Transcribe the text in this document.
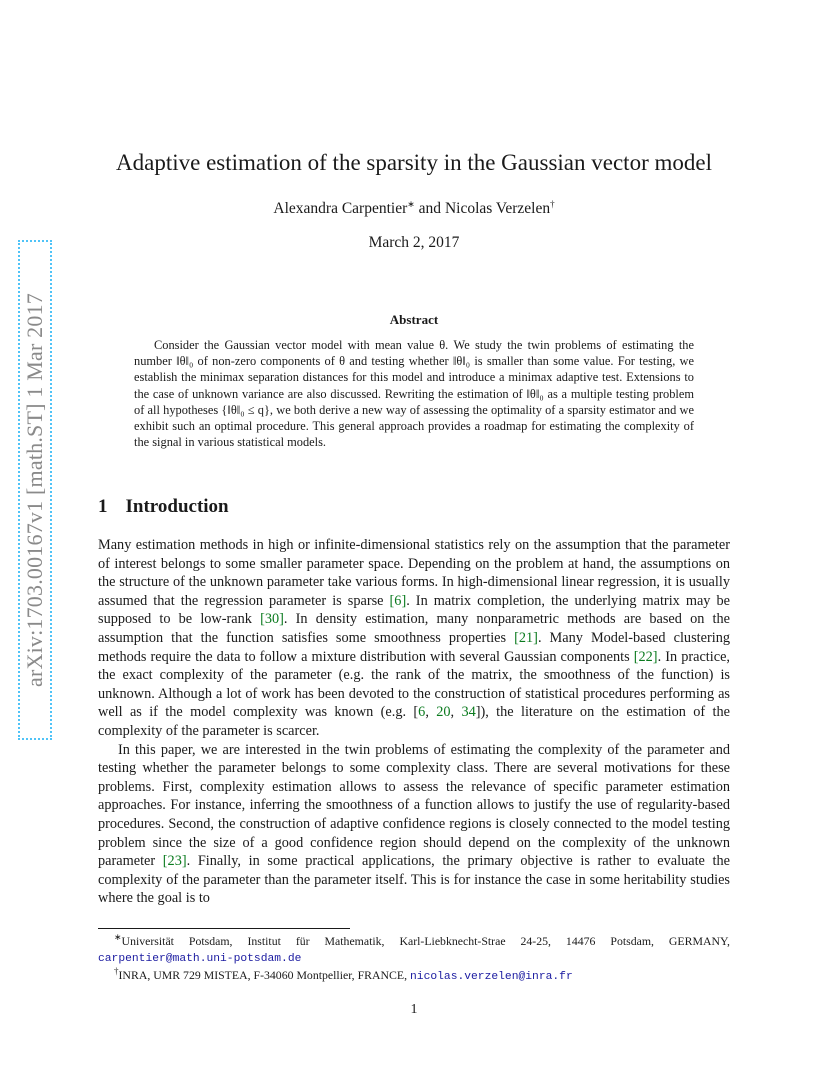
arXiv:1703.00167v1 [math.ST] 1 Mar 2017
Adaptive estimation of the sparsity in the Gaussian vector model
Alexandra Carpentier∗ and Nicolas Verzelen†
March 2, 2017
Abstract
Consider the Gaussian vector model with mean value θ. We study the twin problems of estimating the number ‖θ‖₀ of non-zero components of θ and testing whether ‖θ‖₀ is smaller than some value. For testing, we establish the minimax separation distances for this model and introduce a minimax adaptive test. Extensions to the case of unknown variance are also discussed. Rewriting the estimation of ‖θ‖₀ as a multiple testing problem of all hypotheses {‖θ‖₀ ≤ q}, we both derive a new way of assessing the optimality of a sparsity estimator and we exhibit such an optimal procedure. This general approach provides a roadmap for estimating the complexity of the signal in various statistical models.
1 Introduction

Many estimation methods in high or infinite-dimensional statistics rely on the assumption that the parameter of interest belongs to some smaller parameter space. Depending on the problem at hand, the assumptions on the structure of the unknown parameter take various forms. In high-dimensional linear regression, it is usually assumed that the regression parameter is sparse [6]. In matrix completion, the underlying matrix may be supposed to be low-rank [30]. In density estimation, many nonparametric methods are based on the assumption that the function satisfies some smoothness properties [21]. Many Model-based clustering methods require the data to follow a mixture distribution with several Gaussian components [22]. In practice, the exact complexity of the parameter (e.g. the rank of the matrix, the smoothness of the function) is unknown. Although a lot of work has been devoted to the construction of statistical procedures performing as well as if the model complexity was known (e.g. [6, 20, 34]), the literature on the estimation of the complexity of the parameter is scarcer.

In this paper, we are interested in the twin problems of estimating the complexity of the parameter and testing whether the parameter belongs to some complexity class. There are several motivations for these problems. First, complexity estimation allows to assess the relevance of specific parameter estimation approaches. For instance, inferring the smoothness of a function allows to justify the use of regularity-based procedures. Second, the construction of adaptive confidence regions is closely connected to the model testing problem since the size of a good confidence region should depend on the complexity of the unknown parameter [23]. Finally, in some practical applications, the primary objective is rather to evaluate the complexity of the parameter than the parameter itself. This is for instance the case in some heritability studies where the goal is to

∗Universität Potsdam, Institut für Mathematik, Karl-Liebknecht-Strae 24-25, 14476 Potsdam, GERMANY, carpentier@math.uni-potsdam.de
†INRA, UMR 729 MISTEA, F-34060 Montpellier, FRANCE, nicolas.verzelen@inra.fr
1
